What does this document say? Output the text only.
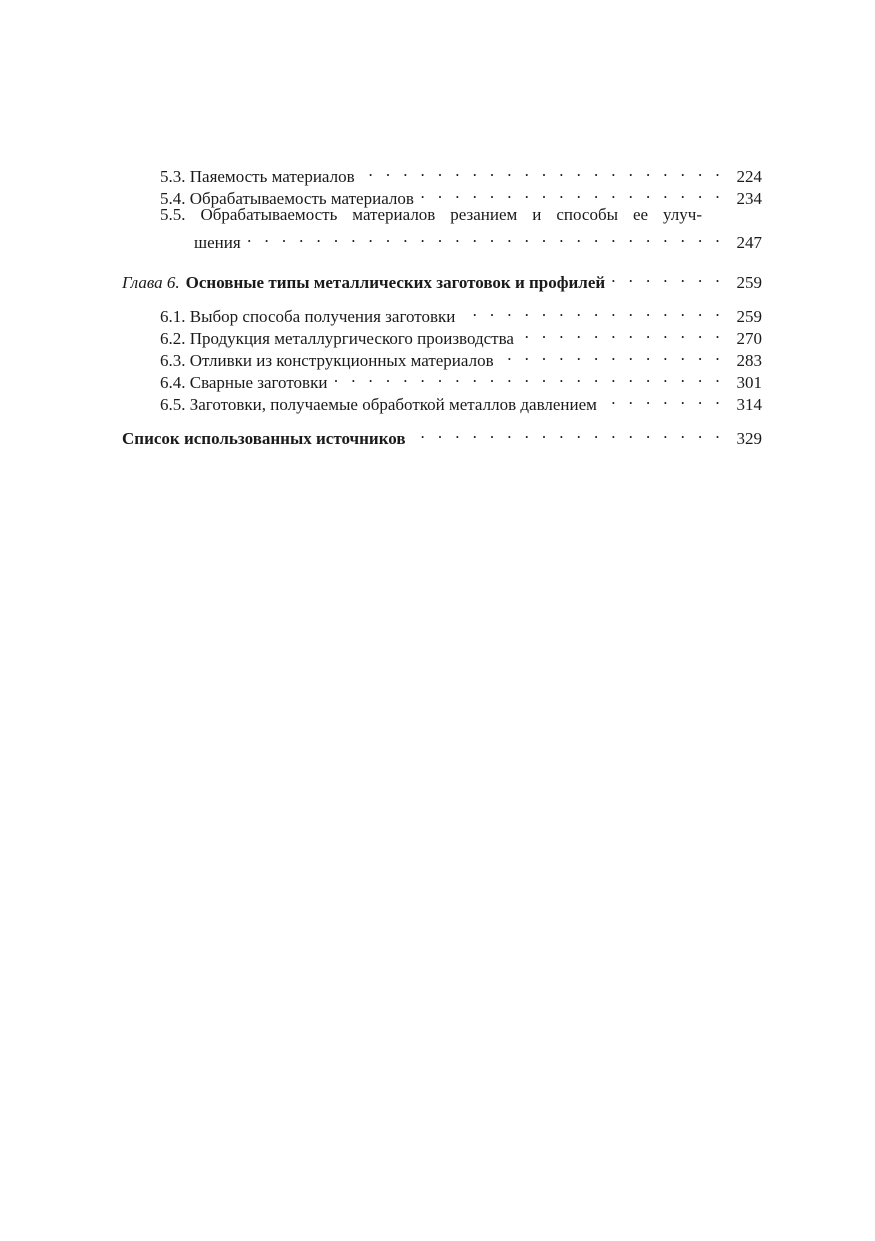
5.3. Паяемость материалов . . .	224
5.4. Обрабатываемость материалов . . .	234
5.5. Обрабатываемость материалов резанием и способы ее улуч-
шения . . .	247
Глава 6. Основные типы металлических заготовок и профилей . . .	259
6.1. Выбор способа получения заготовки . . .	259
6.2. Продукция металлургического производства . . .	270
6.3. Отливки из конструкционных материалов . . .	283
6.4. Сварные заготовки . . .	301
6.5. Заготовки, получаемые обработкой металлов давлением . . .	314
Список использованных источников . . .	329
